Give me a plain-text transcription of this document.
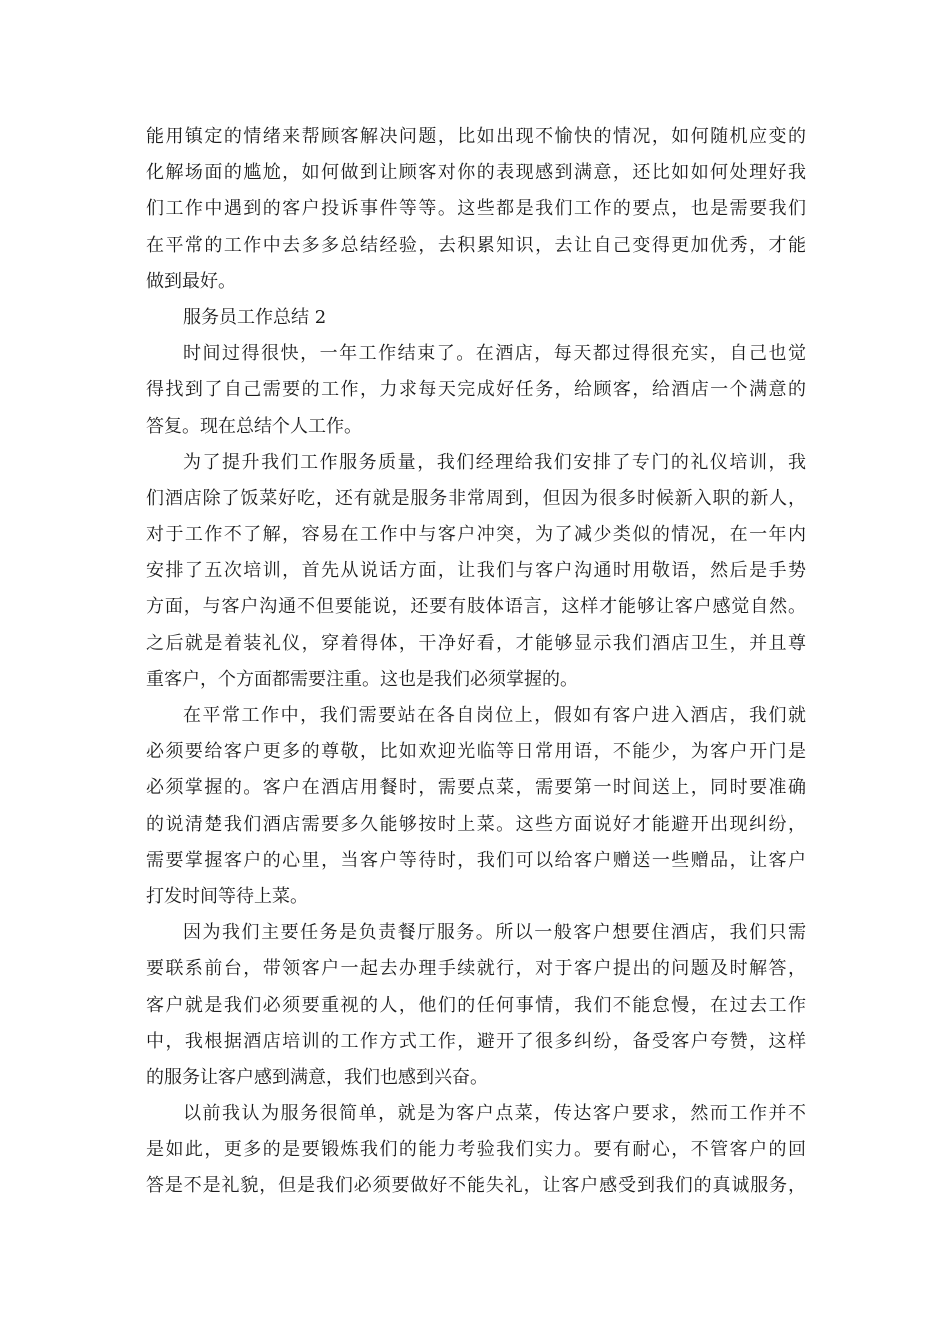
能用镇定的情绪来帮顾客解决问题，比如出现不愉快的情况，如何随机应变的
化解场面的尴尬，如何做到让顾客对你的表现感到满意，还比如如何处理好我
们工作中遇到的客户投诉事件等等。这些都是我们工作的要点，也是需要我们
在平常的工作中去多多总结经验，去积累知识，去让自己变得更加优秀，才能
做到最好。
服务员工作总结 2
时间过得很快，一年工作结束了。在酒店，每天都过得很充实，自己也觉
得找到了自己需要的工作，力求每天完成好任务，给顾客，给酒店一个满意的
答复。现在总结个人工作。
为了提升我们工作服务质量，我们经理给我们安排了专门的礼仪培训，我
们酒店除了饭菜好吃，还有就是服务非常周到，但因为很多时候新入职的新人，
对于工作不了解，容易在工作中与客户冲突，为了减少类似的情况，在一年内
安排了五次培训，首先从说话方面，让我们与客户沟通时用敬语，然后是手势
方面，与客户沟通不但要能说，还要有肢体语言，这样才能够让客户感觉自然。
之后就是着装礼仪，穿着得体，干净好看，才能够显示我们酒店卫生，并且尊
重客户，个方面都需要注重。这也是我们必须掌握的。
在平常工作中，我们需要站在各自岗位上，假如有客户进入酒店，我们就
必须要给客户更多的尊敬，比如欢迎光临等日常用语，不能少，为客户开门是
必须掌握的。客户在酒店用餐时，需要点菜，需要第一时间送上，同时要准确
的说清楚我们酒店需要多久能够按时上菜。这些方面说好才能避开出现纠纷，
需要掌握客户的心里，当客户等待时，我们可以给客户赠送一些赠品，让客户
打发时间等待上菜。
因为我们主要任务是负责餐厅服务。所以一般客户想要住酒店，我们只需
要联系前台，带领客户一起去办理手续就行，对于客户提出的问题及时解答，
客户就是我们必须要重视的人，他们的任何事情，我们不能怠慢，在过去工作
中，我根据酒店培训的工作方式工作，避开了很多纠纷，备受客户夸赞，这样
的服务让客户感到满意，我们也感到兴奋。
以前我认为服务很简单，就是为客户点菜，传达客户要求，然而工作并不
是如此，更多的是要锻炼我们的能力考验我们实力。要有耐心，不管客户的回
答是不是礼貌，但是我们必须要做好不能失礼，让客户感受到我们的真诚服务，
